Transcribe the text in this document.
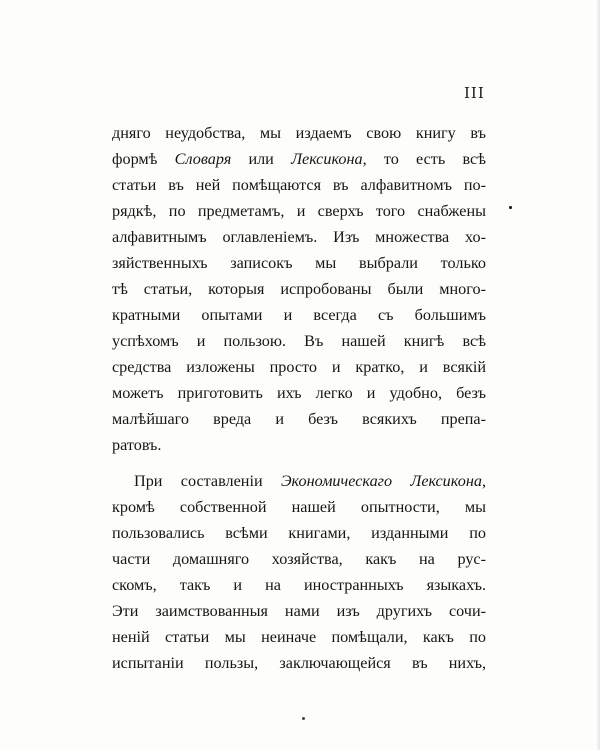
III
дняго неудобства, мы издаемъ свою книгу въ
формѣ Словаря или Лексикона, то есть всѣ
статьи въ ней помѣщаются въ алфавитномъ по-
рядкѣ, по предметамъ, и сверхъ того снабжены
алфавитнымъ оглавленіемъ. Изъ множества хо-
зяйственныхъ записокъ мы выбрали только
тѣ статьи, которыя испробованы были много-
кратными опытами и всегда съ большимъ
успѣхомъ и пользою. Въ нашей книгѣ всѣ
средства изложены просто и кратко, и всякій
можетъ приготовить ихъ легко и удобно, безъ
малѣйшаго вреда и безъ всякихъ препа-
ратовъ.
При составленіи Экономическаго Лексикона,
кромѣ собственной нашей опытности, мы
пользовались всѣми книгами, изданными по
части домашняго хозяйства, какъ на рус-
скомъ, такъ и на иностранныхъ языкахъ.
Эти заимствованныя нами изъ другихъ сочи-
неній статьи мы неиначе помѣщали, какъ по
испытаніи пользы, заключающейся въ нихъ,
